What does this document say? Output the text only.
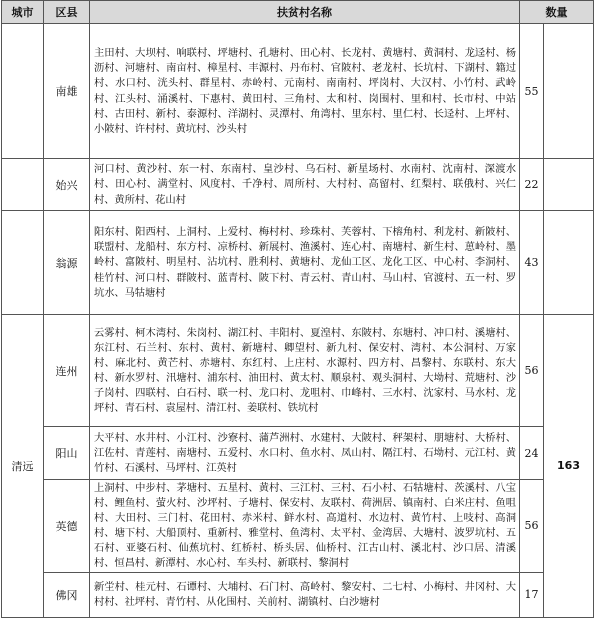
城市	区县	扶贫村名称	数量	
	南雄	主田村、大坝村、响联村、坪塘村、孔塘村、田心村、长龙村、黄塘村、黄洞村、龙迳村、杨沥村、河塘村、南亩村、樟星村、丰源村、丹布村、官陂村、老龙村、长坑村、下湖村、籍过村、水口村、洸头村、群星村、赤岭村、元南村、南南村、坪岗村、大汉村、小竹村、武岭村、江头村、涌溪村、下惠村、黄田村、三角村、太和村、岗围村、里和村、长市村、中站村、古田村、新村、泰源村、洋湖村、灵潭村、角湾村、里东村、里仁村、长迳村、上坪村、小陂村、许村村、黄坑村、沙头村	55	
	始兴	河口村、黄沙村、东一村、东南村、皇沙村、乌石村、新星场村、水南村、沈南村、深渡水村、田心村、满堂村、风度村、千净村、周所村、大村村、高留村、红梨村、联俄村、兴仁村、黄所村、花山村	22	
	翁源	阳东村、阳西村、上洞村、上爱村、梅村村、珍珠村、芙蓉村、下榕角村、利龙村、新陂村、联盟村、龙船村、东方村、凉桥村、新展村、渔溪村、连心村、南塘村、新生村、葸岭村、墨岭村、富陂村、明星村、沾坑村、胜利村、黄塘村、龙仙工区、龙化工区、中心村、李洞村、桂竹村、河口村、群陂村、蓝青村、陂下村、青云村、青山村、马山村、官渡村、五一村、罗坑水、马牯塘村	43	
清远	连州	云雾村、柯木湾村、朱岗村、湖江村、丰阳村、夏湟村、东陂村、东塘村、冲口村、溪塘村、东江村、石兰村、东村、黄村、新塘村、卿望村、新九村、保安村、湾村、本公洞村、万家村、麻北村、黄芒村、赤塘村、东红村、上庄村、水源村、四方村、昌黎村、东联村、东大村、新水罗村、汛塘村、浦东村、油田村、黄太村、顺泉村、观头洞村、大坳村、荒塘村、沙子岗村、四联村、白石村、联一村、龙口村、龙咀村、巾峰村、三水村、沈家村、马水村、龙坪村、青石村、袁屋村、清江村、姜联村、铁坑村	56	163
	阳山	大平村、水井村、小江村、沙寮村、蒲芦洲村、水建村、大陂村、秤架村、朋塘村、大桥村、江佐村、青莲村、南塘村、五爱村、水口村、鱼水村、凤山村、隔江村、石坳村、元江村、黄竹村、石溪村、马坪村、江英村	24	
	英德	上洞村、中步村、茅塘村、五星村、黄村、三江村、三村、石小村、石牯塘村、茨溪村、八宝村、鲤鱼村、萤火村、沙坪村、子塘村、保安村、友联村、荷洲居、镇南村、白米庄村、鱼咀村、大田村、三门村、花田村、赤米村、鲜水村、高道村、水边村、黄竹村、上吱村、高洞村、塘下村、大船顶村、重新村、雅堂村、鱼湾村、太平村、金湾居、大塘村、波罗坑村、五石村、亚婆石村、仙蕉坑村、红桥村、桥头居、仙桥村、江古山村、溪北村、沙口居、清溪村、恒昌村、新潭村、水心村、车头村、新联村、黎洞村	56	
	佛冈	新坣村、桂元村、石谭村、大埔村、石门村、高岭村、黎安村、二七村、小梅村、井冈村、大村村、社坪村、青竹村、从化围村、关前村、湖镇村、白沙塘村	17	
